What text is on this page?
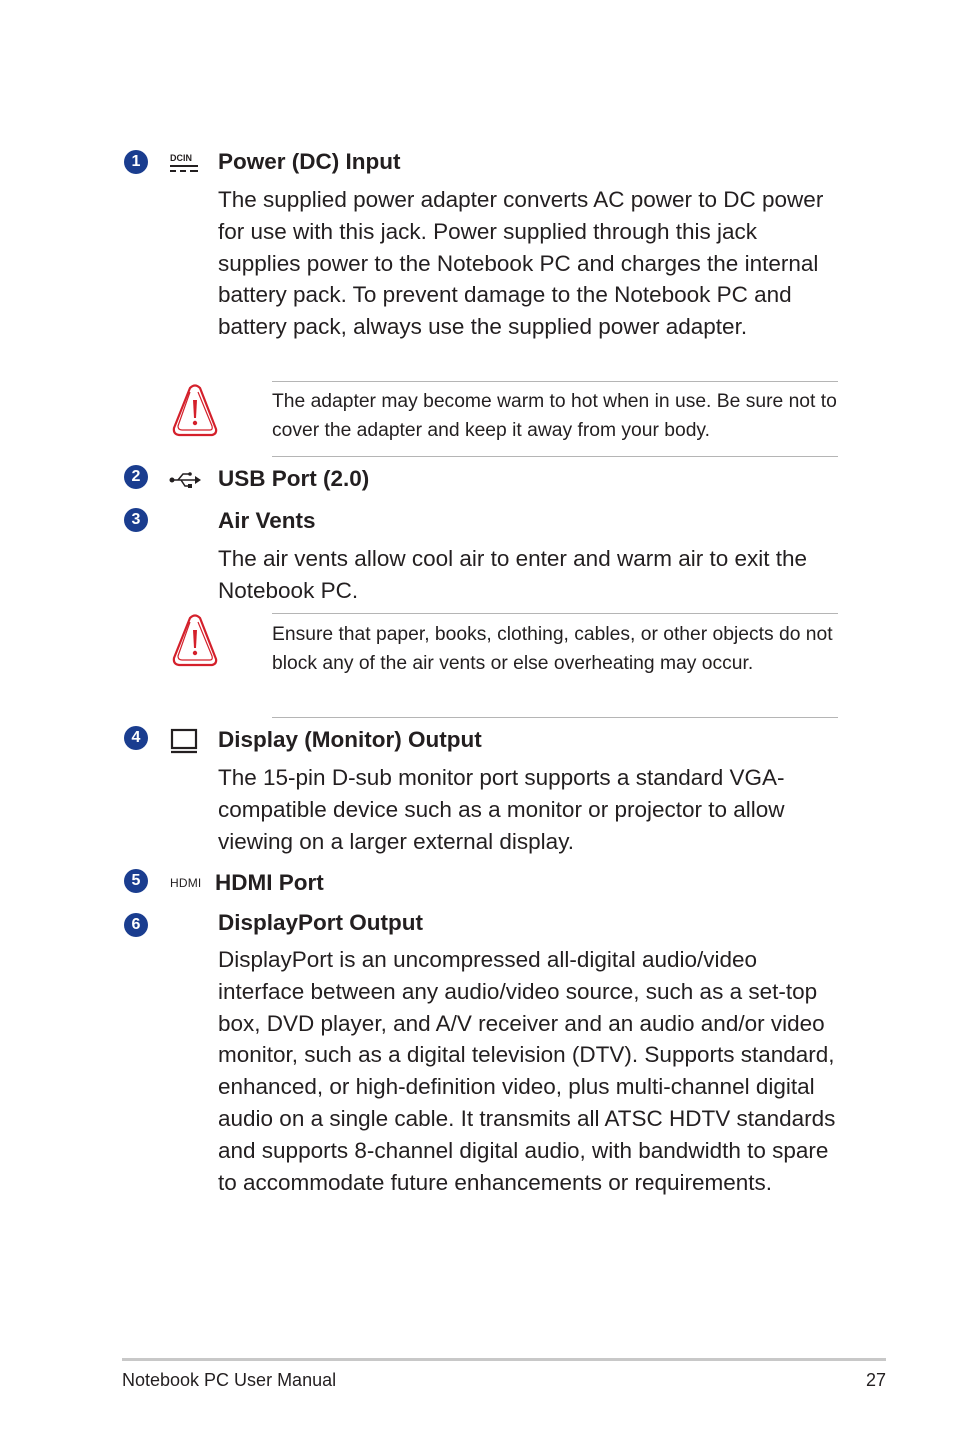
1	DCIN Power (DC) Input
The supplied power adapter converts AC power to DC power for use with this jack. Power supplied through this jack supplies power to the Notebook PC and charges the internal battery pack. To prevent damage to the Notebook PC and battery pack, always use the supplied power adapter.
The adapter may become warm to hot when in use. Be sure not to cover the adapter and keep it away from your body.
2	USB Port (2.0)
3	Air Vents
The air vents allow cool air to enter and warm air to exit the Notebook PC.
Ensure that paper, books, clothing, cables, or other objects do not block any of the air vents or else overheating may occur.
4	Display (Monitor) Output
The 15-pin D-sub monitor port supports a standard VGA-compatible device such as a monitor or projector to allow viewing on a larger external display.
5	HDMI HDMI Port
6	DisplayPort Output
DisplayPort is an uncompressed all-digital audio/video interface between any audio/video source, such as a set-top box, DVD player, and A/V receiver and an audio and/or video monitor, such as a digital television (DTV). Supports standard, enhanced, or high-definition video, plus multi-channel digital audio on a single cable. It transmits all ATSC HDTV standards and supports 8-channel digital audio, with bandwidth to spare to accommodate future enhancements or requirements.
Notebook PC User Manual	27
